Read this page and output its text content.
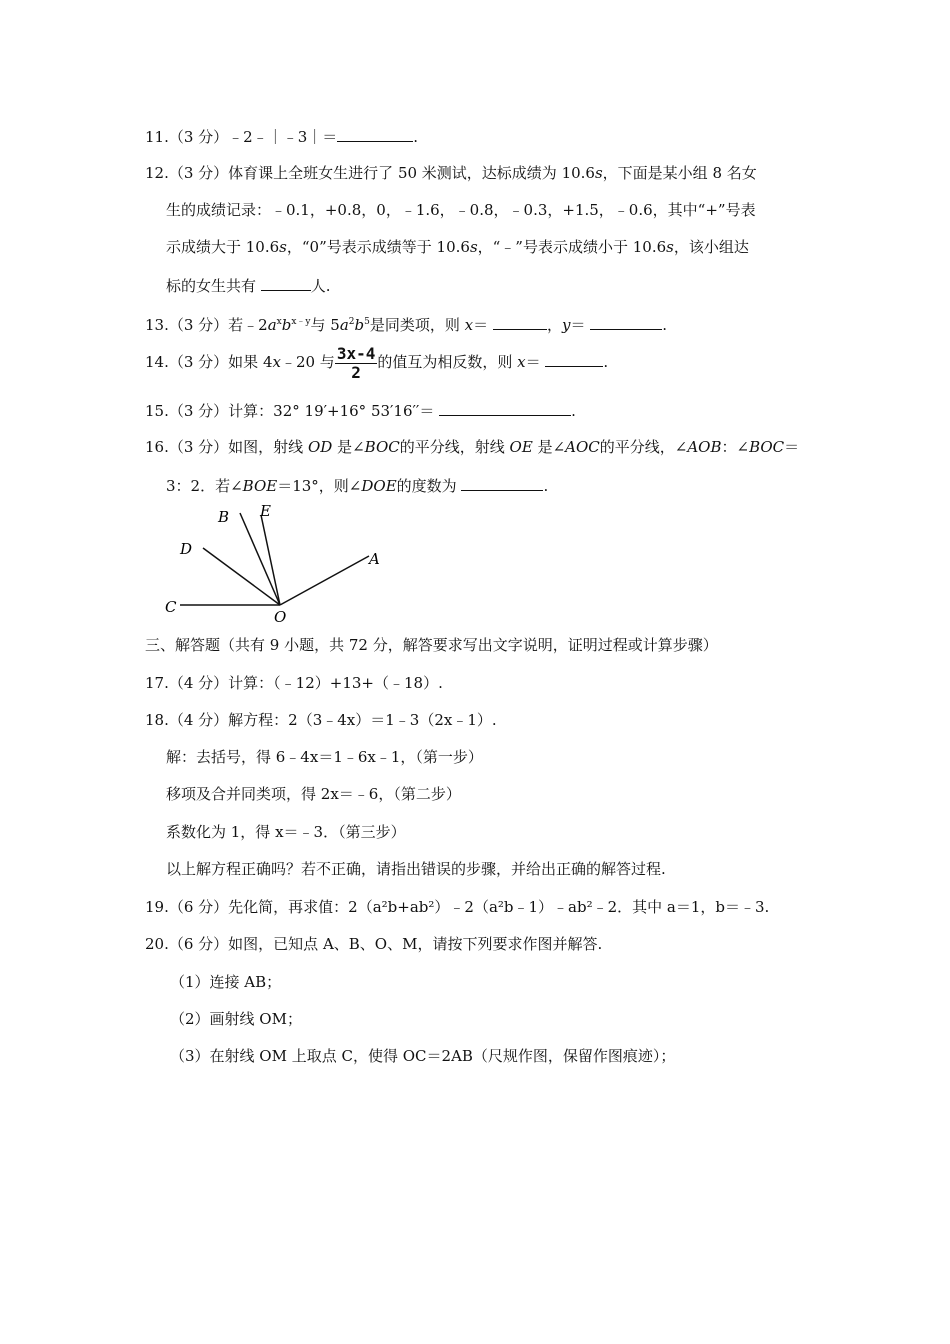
11.（3 分）﹣2﹣｜﹣3｜＝	.
12.（3 分）体育课上全班女生进行了 50 米测试，达标成绩为 10.6s，下面是某小组 8 名女
生的成绩记录：﹣0.1，+0.8，0，﹣1.6，﹣0.8，﹣0.3，+1.5，﹣0.6，其中“+”号表
示成绩大于 10.6s，“0”号表示成绩等于 10.6s，“﹣”号表示成绩小于 10.6s，该小组达
标的女生共有	人.
13.（3 分）若$﹣2a^xb^{x﹣y}$与 $5a^2b^5$是同类项，则 x＝	，y＝	.
14.（3 分）如果 4x﹣20 与 $\frac{3x-4}{2}$ 的值互为相反数，则 x＝	.
15.（3 分）计算：32° 19′+16° 53′16′′＝	.
16.（3 分）如图，射线 OD 是∠BOC的平分线，射线 OE 是∠AOC的平分线，∠AOB：∠BOC＝
3：2．若∠BOE＝13°，则∠DOE的度数为	.
B E
D
A
C
O
三、解答题（共有 9 小题，共 72 分，解答要求写出文字说明，证明过程或计算步骤）
17.（4 分）计算：（﹣12）+13+（﹣18）.
18.（4 分）解方程：2（3﹣4x）＝1﹣3（2x﹣1）.
解：去括号，得 6﹣4x＝1﹣6x﹣1，（第一步）
移项及合并同类项，得 2x＝﹣6，（第二步）
系数化为 1，得 x＝﹣3．（第三步）
以上解方程正确吗？若不正确，请指出错误的步骤，并给出正确的解答过程.
19.（6 分）先化简，再求值：2（a²b+ab²）﹣2（a²b﹣1）﹣ab²﹣2．其中 a＝1，b＝﹣3.
20.（6 分）如图，已知点 A、B、O、M，请按下列要求作图并解答.
（1）连接 AB；
（2）画射线 OM；
（3）在射线 OM 上取点 C，使得 OC＝2AB（尺规作图，保留作图痕迹）；
